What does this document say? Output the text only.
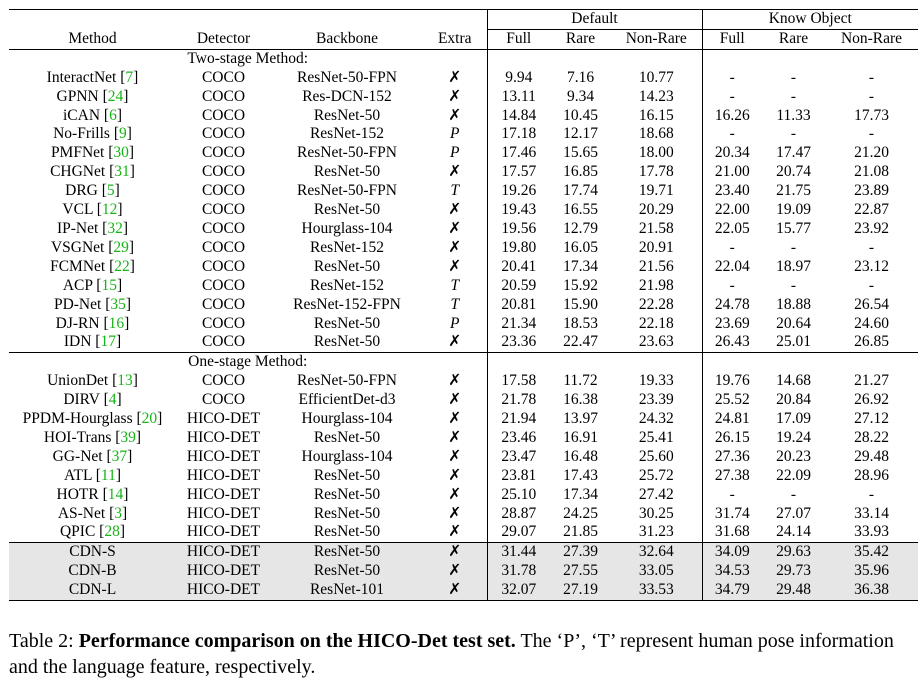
				Default			Know Object		
Method	Detector	Backbone	Extra	Full	Rare	Non-Rare	Full	Rare	Non-Rare
Two-stage Method:									
InteractNet [7]	COCO	ResNet-50-FPN	✗	9.94	7.16	10.77	-	-	-
GPNN [24]	COCO	Res-DCN-152	✗	13.11	9.34	14.23	-	-	-
iCAN [6]	COCO	ResNet-50	✗	14.84	10.45	16.15	16.26	11.33	17.73
No-Frills [9]	COCO	ResNet-152	P	17.18	12.17	18.68	-	-	-
PMFNet [30]	COCO	ResNet-50-FPN	P	17.46	15.65	18.00	20.34	17.47	21.20
CHGNet [31]	COCO	ResNet-50	✗	17.57	16.85	17.78	21.00	20.74	21.08
DRG [5]	COCO	ResNet-50-FPN	T	19.26	17.74	19.71	23.40	21.75	23.89
VCL [12]	COCO	ResNet-50	✗	19.43	16.55	20.29	22.00	19.09	22.87
IP-Net [32]	COCO	Hourglass-104	✗	19.56	12.79	21.58	22.05	15.77	23.92
VSGNet [29]	COCO	ResNet-152	✗	19.80	16.05	20.91	-	-	-
FCMNet [22]	COCO	ResNet-50	✗	20.41	17.34	21.56	22.04	18.97	23.12
ACP [15]	COCO	ResNet-152	T	20.59	15.92	21.98	-	-	-
PD-Net [35]	COCO	ResNet-152-FPN	T	20.81	15.90	22.28	24.78	18.88	26.54
DJ-RN [16]	COCO	ResNet-50	P	21.34	18.53	22.18	23.69	20.64	24.60
IDN [17]	COCO	ResNet-50	✗	23.36	22.47	23.63	26.43	25.01	26.85
One-stage Method:									
UnionDet [13]	COCO	ResNet-50-FPN	✗	17.58	11.72	19.33	19.76	14.68	21.27
DIRV [4]	COCO	EfficientDet-d3	✗	21.78	16.38	23.39	25.52	20.84	26.92
PPDM-Hourglass [20]	HICO-DET	Hourglass-104	✗	21.94	13.97	24.32	24.81	17.09	27.12
HOI-Trans [39]	HICO-DET	ResNet-50	✗	23.46	16.91	25.41	26.15	19.24	28.22
GG-Net [37]	HICO-DET	Hourglass-104	✗	23.47	16.48	25.60	27.36	20.23	29.48
ATL [11]	HICO-DET	ResNet-50	✗	23.81	17.43	25.72	27.38	22.09	28.96
HOTR [14]	HICO-DET	ResNet-50	✗	25.10	17.34	27.42	-	-	-
AS-Net [3]	HICO-DET	ResNet-50	✗	28.87	24.25	30.25	31.74	27.07	33.14
QPIC [28]	HICO-DET	ResNet-50	✗	29.07	21.85	31.23	31.68	24.14	33.93
CDN-S	HICO-DET	ResNet-50	✗	31.44	27.39	32.64	34.09	29.63	35.42
CDN-B	HICO-DET	ResNet-50	✗	31.78	27.55	33.05	34.53	29.73	35.96
CDN-L	HICO-DET	ResNet-101	✗	32.07	27.19	33.53	34.79	29.48	36.38
Table 2: Performance comparison on the HICO-Det test set. The ‘P’, ‘T’ represent human pose information and the language feature, respectively.
